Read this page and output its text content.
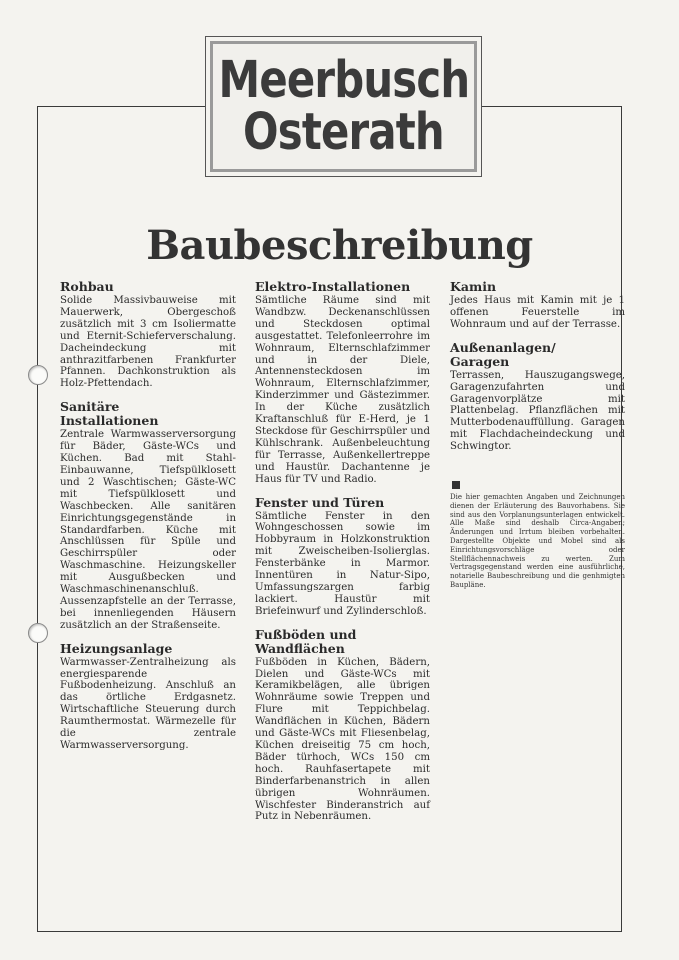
Meerbusch
Osterath
Baubeschreibung
Rohbau

Solide Massivbauweise mit Mauerwerk, Obergeschoß zusätzlich mit 3 cm Isoliermatte und Eternit-Schieferverschalung. Dacheindeckung mit anthrazitfarbenen Frankfurter Pfannen. Dachkonstruktion als Holz-Pfettendach.

Sanitäre Installationen

Zentrale Warmwasserversorgung für Bäder, Gäste-WCs und Küchen. Bad mit Stahl-Einbauwanne, Tiefspülklosett und 2 Waschtischen; Gäste-WC mit Tiefspülklosett und Waschbecken. Alle sanitären Einrichtungsgegenstände in Standardfarben. Küche mit Anschlüssen für Spüle und Geschirrspüler oder Waschmaschine. Heizungskeller mit Ausgußbecken und Waschmaschinenanschluß. Aussenzapfstelle an der Terrasse, bei innenliegenden Häusern zusätzlich an der Straßenseite.

Heizungsanlage

Warmwasser-Zentralheizung als energiesparende Fußbodenheizung. Anschluß an das örtliche Erdgasnetz. Wirtschaftliche Steuerung durch Raumthermostat. Wärmezelle für die zentrale Warmwasserversorgung.

Elektro-Installationen

Sämtliche Räume sind mit Wandbzw. Deckenanschlüssen und Steckdosen optimal ausgestattet. Telefonleerrohre im Wohnraum, Elternschlafzimmer und in der Diele, Antennensteckdosen im Wohnraum, Elternschlafzimmer, Kinderzimmer und Gästezimmer. In der Küche zusätzlich Kraftanschluß für E-Herd, je 1 Steckdose für Geschirrspüler und Kühlschrank. Außenbeleuchtung für Terrasse, Außenkellertreppe und Haustür. Dachantenne je Haus für TV und Radio.

Fenster und Türen

Sämtliche Fenster in den Wohngeschossen sowie im Hobbyraum in Holzkonstruktion mit Zweischeiben-Isolierglas. Fensterbänke in Marmor. Innentüren in Natur-Sipo, Umfassungszargen farbig lackiert. Haustür mit Briefeinwurf und Zylinderschloß.

Fußböden und Wandflächen

Fußböden in Küchen, Bädern, Dielen und Gäste-WCs mit Keramikbelägen, alle übrigen Wohnräume sowie Treppen und Flure mit Teppichbelag. Wandflächen in Küchen, Bädern und Gäste-WCs mit Fliesenbelag, Küchen dreiseitig 75 cm hoch, Bäder türhoch, WCs 150 cm hoch. Rauhfasertapete mit Binderfarbenanstrich in allen übrigen Wohnräumen. Wischfester Binderanstrich auf Putz in Nebenräumen.

Kamin

Jedes Haus mit Kamin mit je 1 offenen Feuerstelle im Wohnraum und auf der Terrasse.

Außenanlagen/ Garagen

Terrassen, Hauszugangswege, Garagenzufahrten und Garagenvorplätze mit Plattenbelag. Pflanzflächen mit Mutterbodenauffüllung. Garagen mit Flachdacheindeckung und Schwingtor.

Die hier gemachten Angaben und Zeichnungen dienen der Erläuterung des Bauvorhabens. Sie sind aus den Vorplanungsunterlagen entwickelt. Alle Maße sind deshalb Circa-Angaben; Änderungen und Irrtum bleiben vorbehalten. Dargestellte Objekte und Mobel sind als Einrichtungsvorschläge oder Stellflächennachweis zu werten. Zum Vertragsgegenstand werden eine ausführliche, notarielle Baubeschreibung und die genhmigten Baupläne.
